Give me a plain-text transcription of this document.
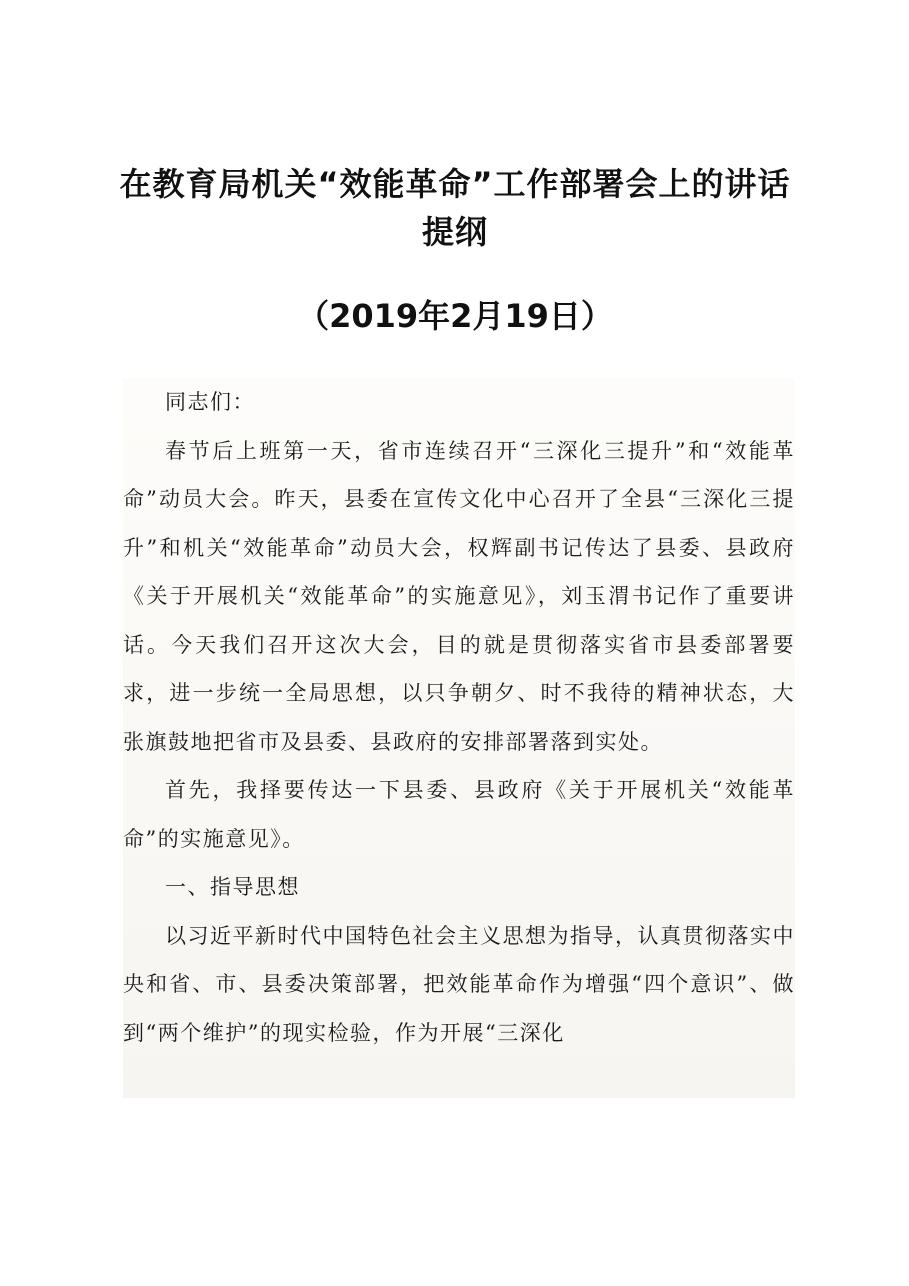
在教育局机关“效能革命”工作部署会上的讲话提纲
（2019年2月19日）

同志们：

春节后上班第一天，省市连续召开“三深化三提升”和“效能革命”动员大会。昨天，县委在宣传文化中心召开了全县“三深化三提升”和机关“效能革命”动员大会，权辉副书记传达了县委、县政府《关于开展机关“效能革命”的实施意见》，刘玉渭书记作了重要讲话。今天我们召开这次大会，目的就是贯彻落实省市县委部署要求，进一步统一全局思想，以只争朝夕、时不我待的精神状态，大张旗鼓地把省市及县委、县政府的安排部署落到实处。

首先，我择要传达一下县委、县政府《关于开展机关“效能革命”的实施意见》。

一、指导思想

以习近平新时代中国特色社会主义思想为指导，认真贯彻落实中央和省、市、县委决策部署，把效能革命作为增强“四个意识”、做到“两个维护”的现实检验，作为开展“三深化
